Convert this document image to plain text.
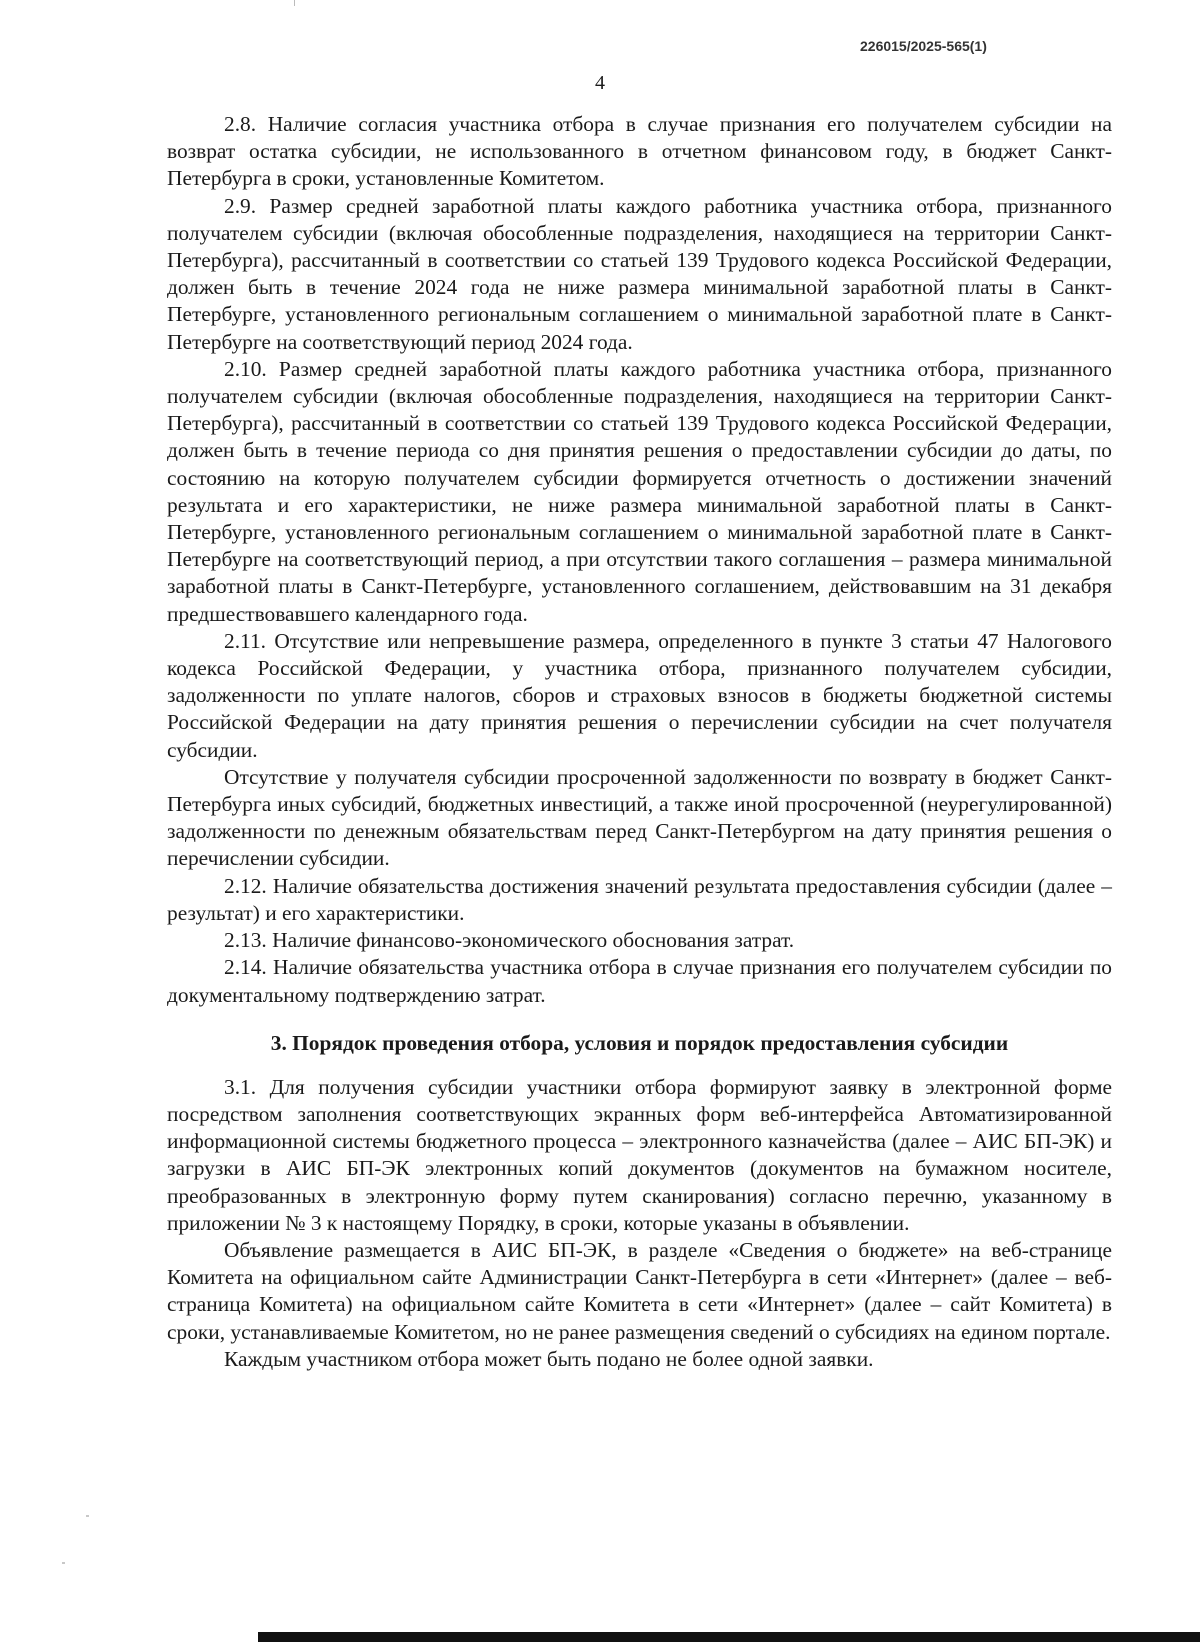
226015/2025-565(1)
4

2.8. Наличие согласия участника отбора в случае признания его получателем субсидии на возврат остатка субсидии, не использованного в отчетном финансовом году, в бюджет Санкт-Петербурга в сроки, установленные Комитетом.

2.9. Размер средней заработной платы каждого работника участника отбора, признанного получателем субсидии (включая обособленные подразделения, находящиеся на территории Санкт-Петербурга), рассчитанный в соответствии со статьей 139 Трудового кодекса Российской Федерации, должен быть в течение 2024 года не ниже размера минимальной заработной платы в Санкт-Петербурге, установленного региональным соглашением о минимальной заработной плате в Санкт-Петербурге на соответствующий период 2024 года.

2.10. Размер средней заработной платы каждого работника участника отбора, признанного получателем субсидии (включая обособленные подразделения, находящиеся на территории Санкт-Петербурга), рассчитанный в соответствии со статьей 139 Трудового кодекса Российской Федерации, должен быть в течение периода со дня принятия решения о предоставлении субсидии до даты, по состоянию на которую получателем субсидии формируется отчетность о достижении значений результата и его характеристики, не ниже размера минимальной заработной платы в Санкт-Петербурге, установленного региональным соглашением о минимальной заработной плате в Санкт-Петербурге на соответствующий период, а при отсутствии такого соглашения – размера минимальной заработной платы в Санкт-Петербурге, установленного соглашением, действовавшим на 31 декабря предшествовавшего календарного года.

2.11. Отсутствие или непревышение размера, определенного в пункте 3 статьи 47 Налогового кодекса Российской Федерации, у участника отбора, признанного получателем субсидии, задолженности по уплате налогов, сборов и страховых взносов в бюджеты бюджетной системы Российской Федерации на дату принятия решения о перечислении субсидии на счет получателя субсидии.

Отсутствие у получателя субсидии просроченной задолженности по возврату в бюджет Санкт-Петербурга иных субсидий, бюджетных инвестиций, а также иной просроченной (неурегулированной) задолженности по денежным обязательствам перед Санкт-Петербургом на дату принятия решения о перечислении субсидии.

2.12. Наличие обязательства достижения значений результата предоставления субсидии (далее – результат) и его характеристики.

2.13. Наличие финансово-экономического обоснования затрат.

2.14. Наличие обязательства участника отбора в случае признания его получателем субсидии по документальному подтверждению затрат.

3. Порядок проведения отбора, условия и порядок предоставления субсидии

3.1. Для получения субсидии участники отбора формируют заявку в электронной форме посредством заполнения соответствующих экранных форм веб-интерфейса Автоматизированной информационной системы бюджетного процесса – электронного казначейства (далее – АИС БП-ЭК) и загрузки в АИС БП-ЭК электронных копий документов (документов на бумажном носителе, преобразованных в электронную форму путем сканирования) согласно перечню, указанному в приложении № 3 к настоящему Порядку, в сроки, которые указаны в объявлении.

Объявление размещается в АИС БП-ЭК, в разделе «Сведения о бюджете» на веб-странице Комитета на официальном сайте Администрации Санкт-Петербурга в сети «Интернет» (далее – веб-страница Комитета) на официальном сайте Комитета в сети «Интернет» (далее – сайт Комитета) в сроки, устанавливаемые Комитетом, но не ранее размещения сведений о субсидиях на едином портале.

Каждым участником отбора может быть подано не более одной заявки.
